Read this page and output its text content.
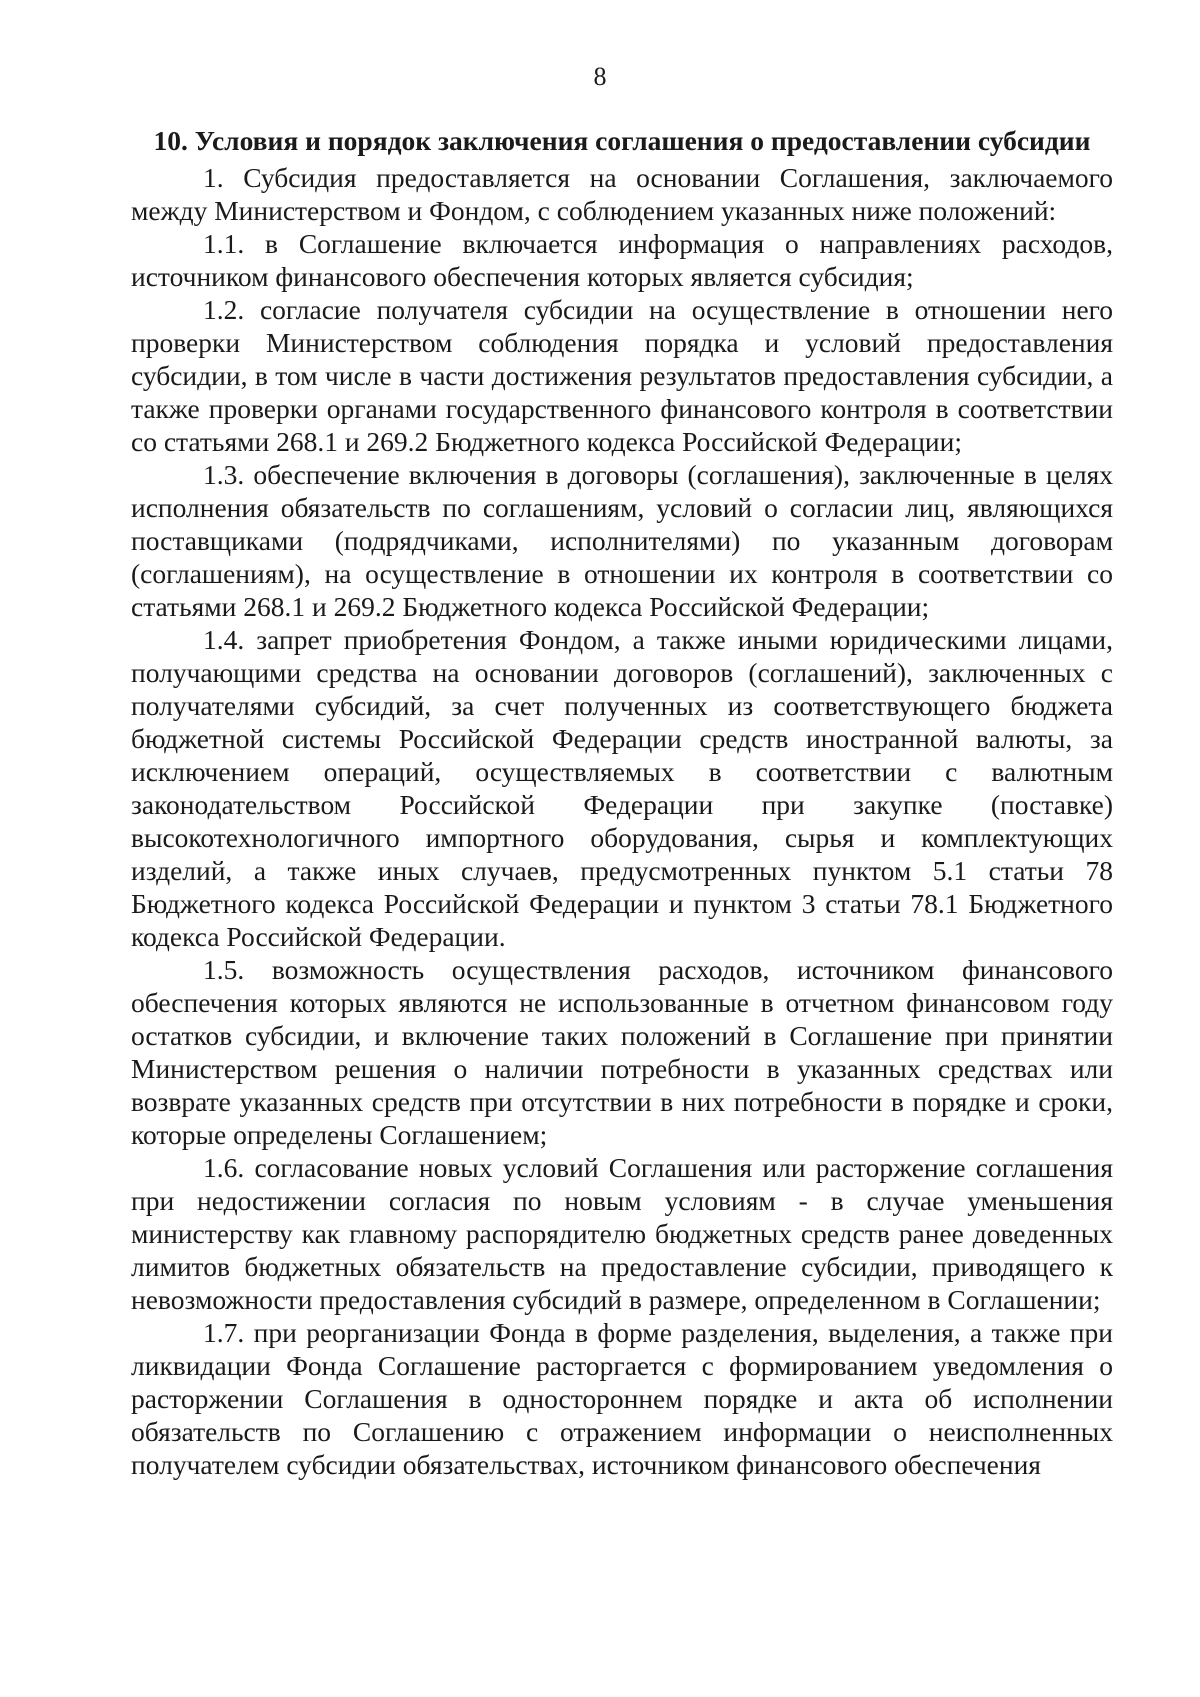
8
10. Условия и порядок заключения соглашения о предоставлении субсидии

1. Субсидия предоставляется на основании Соглашения, заключаемого между Министерством и Фондом, с соблюдением указанных ниже положений:

1.1. в Соглашение включается информация о направлениях расходов, источником финансового обеспечения которых является субсидия;

1.2. согласие получателя субсидии на осуществление в отношении него проверки Министерством соблюдения порядка и условий предоставления субсидии, в том числе в части достижения результатов предоставления субсидии, а также проверки органами государственного финансового контроля в соответствии со статьями 268.1 и 269.2 Бюджетного кодекса Российской Федерации;

1.3. обеспечение включения в договоры (соглашения), заключенные в целях исполнения обязательств по соглашениям, условий о согласии лиц, являющихся поставщиками (подрядчиками, исполнителями) по указанным договорам (соглашениям), на осуществление в отношении их контроля в соответствии со статьями 268.1 и 269.2 Бюджетного кодекса Российской Федерации;

1.4. запрет приобретения Фондом, а также иными юридическими лицами, получающими средства на основании договоров (соглашений), заключенных с получателями субсидий, за счет полученных из соответствующего бюджета бюджетной системы Российской Федерации средств иностранной валюты, за исключением операций, осуществляемых в соответствии с валютным законодательством Российской Федерации при закупке (поставке) высокотехнологичного импортного оборудования, сырья и комплектующих изделий, а также иных случаев, предусмотренных пунктом 5.1 статьи 78 Бюджетного кодекса Российской Федерации и пунктом 3 статьи 78.1 Бюджетного кодекса Российской Федерации.

1.5. возможность осуществления расходов, источником финансового обеспечения которых являются не использованные в отчетном финансовом году остатков субсидии, и включение таких положений в Соглашение при принятии Министерством решения о наличии потребности в указанных средствах или возврате указанных средств при отсутствии в них потребности в порядке и сроки, которые определены Соглашением;

1.6. согласование новых условий Соглашения или расторжение соглашения при недостижении согласия по новым условиям - в случае уменьшения министерству как главному распорядителю бюджетных средств ранее доведенных лимитов бюджетных обязательств на предоставление субсидии, приводящего к невозможности предоставления субсидий в размере, определенном в Соглашении;

1.7. при реорганизации Фонда в форме разделения, выделения, а также при ликвидации Фонда Соглашение расторгается с формированием уведомления о расторжении Соглашения в одностороннем порядке и акта об исполнении обязательств по Соглашению с отражением информации о неисполненных получателем субсидии обязательствах, источником финансового обеспечения
